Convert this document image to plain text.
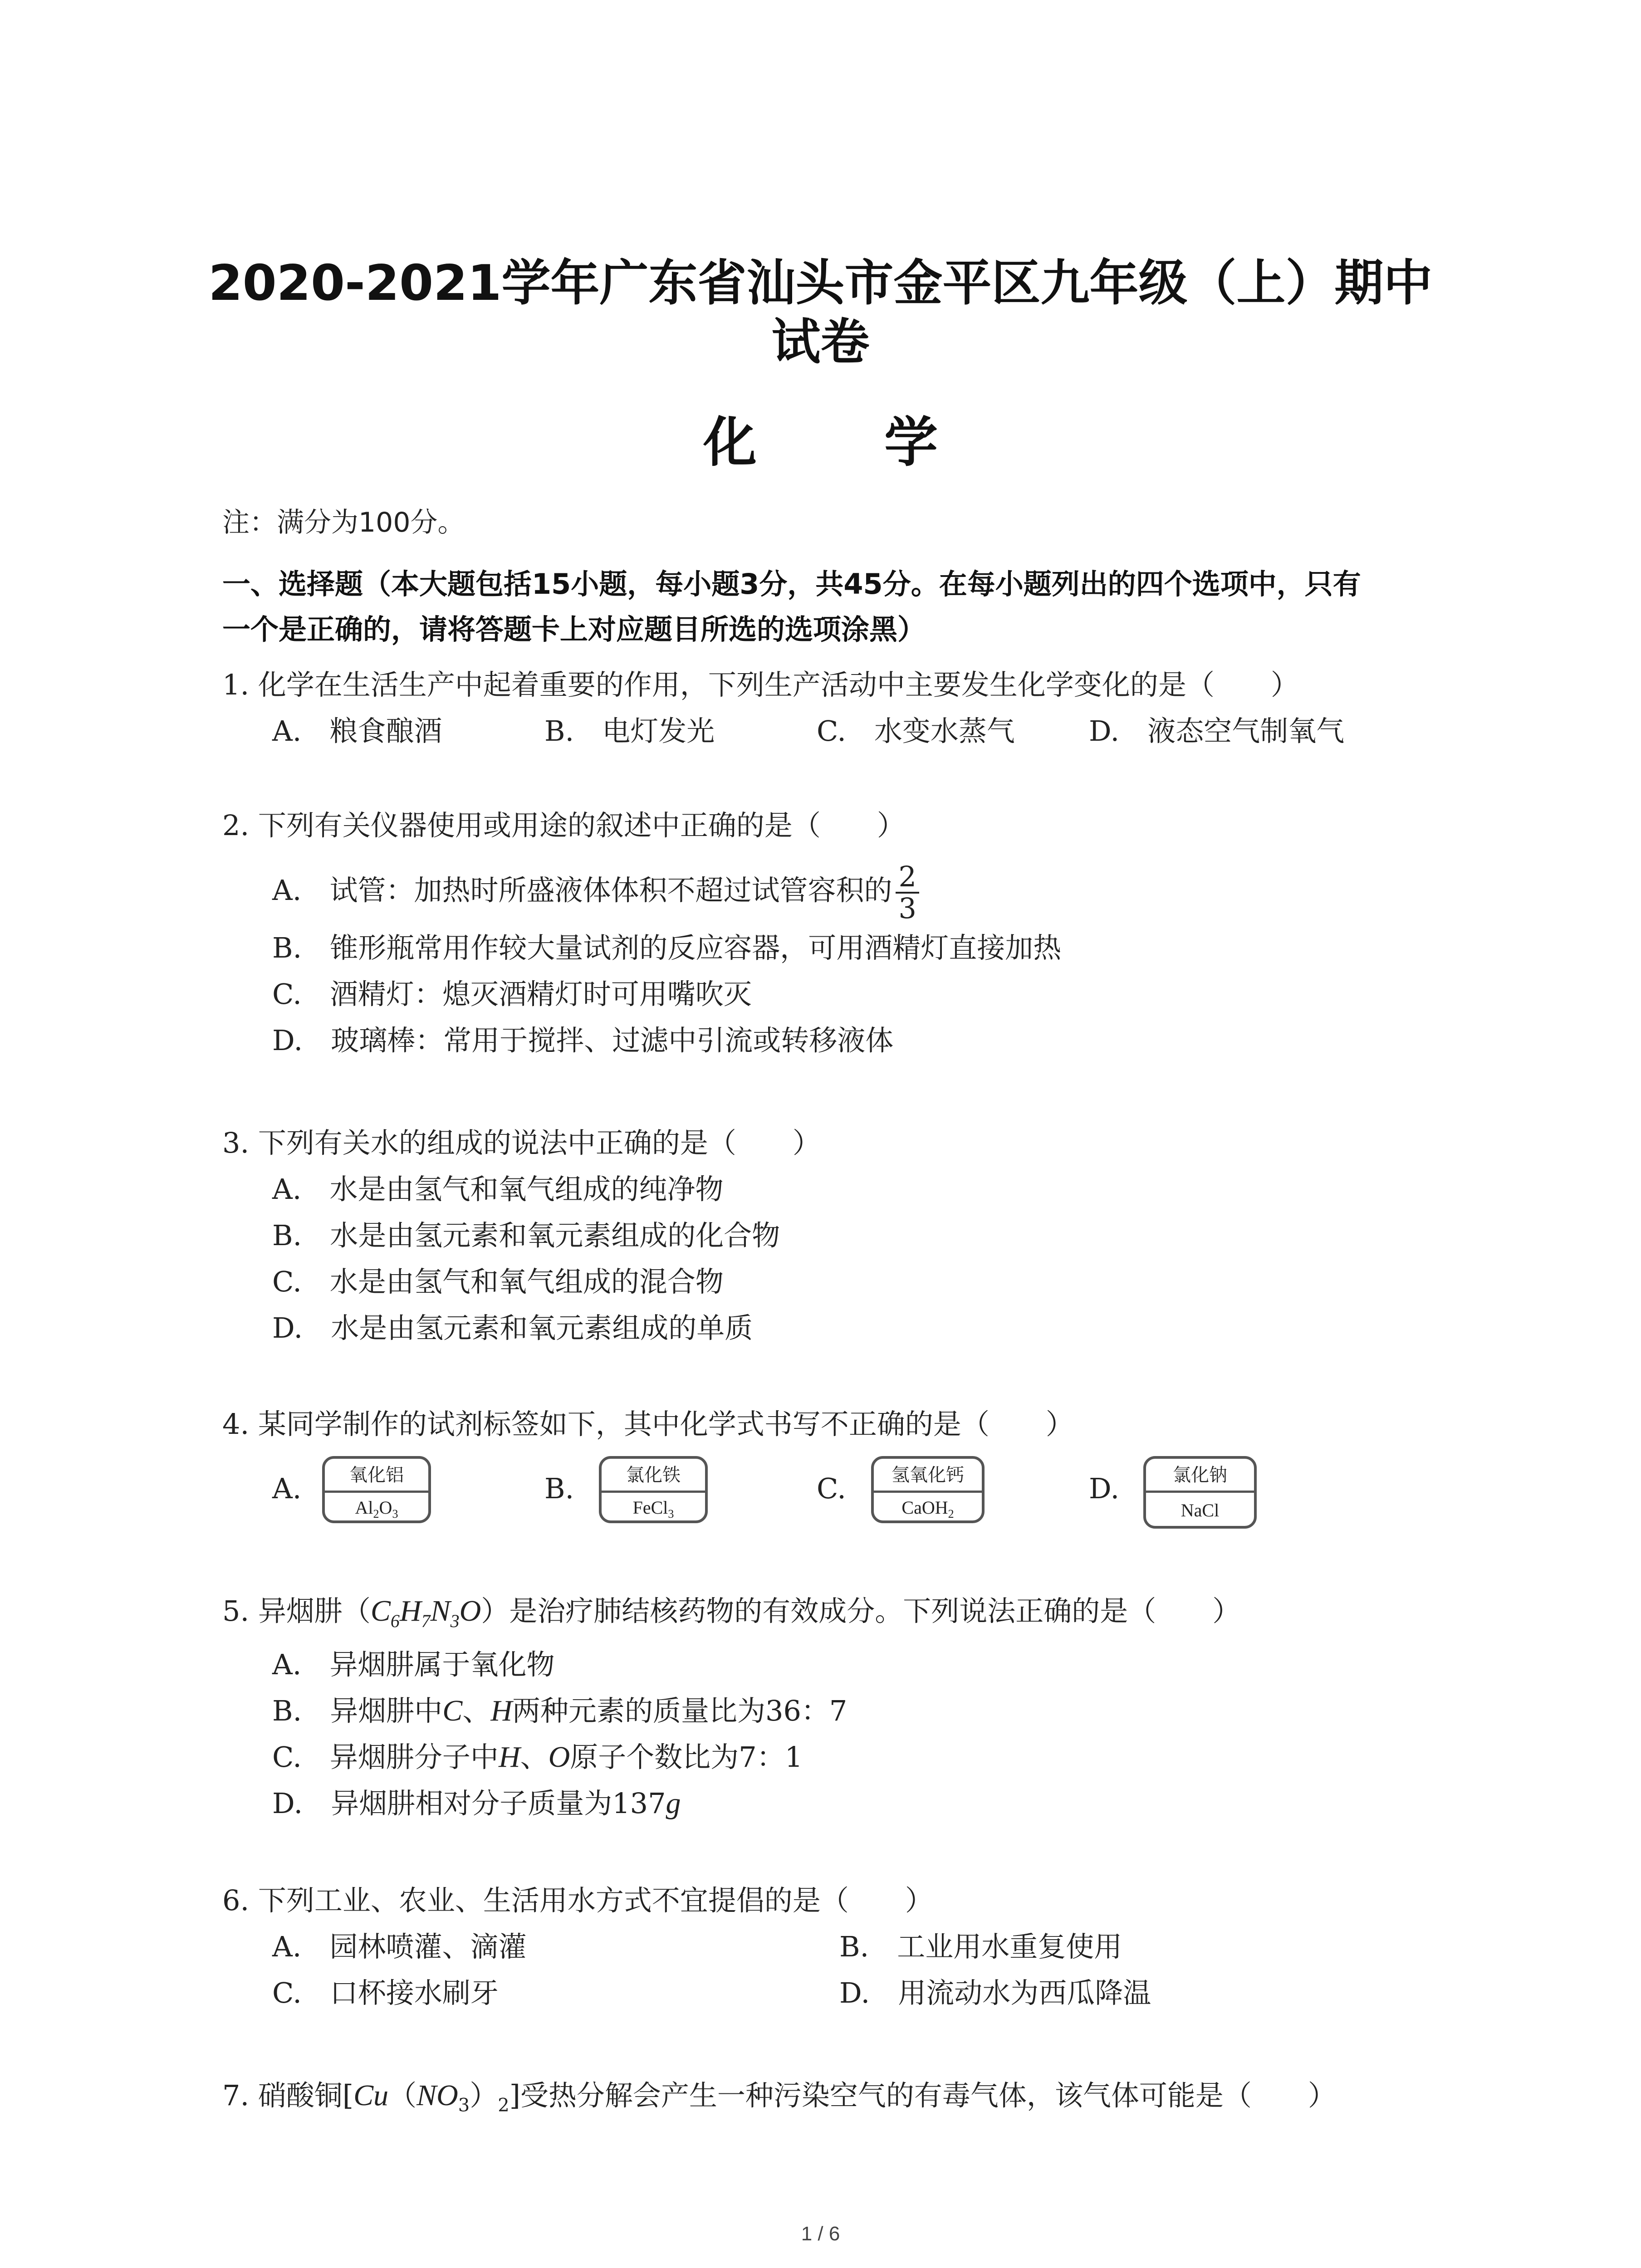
2020-2021学年广东省汕头市金平区九年级（上）期中
试卷
化 学
注：满分为100分。
一、选择题（本大题包括15小题，每小题3分，共45分。在每小题列出的四个选项中，只有
一个是正确的，请将答题卡上对应题目所选的选项涂黑）
1. 化学在生活生产中起着重要的作用，下列生产活动中主要发生化学变化的是（　　）
A.　粮食酿酒	B.　电灯发光	C.　水变水蒸气	D.　液态空气制氧气
2. 下列有关仪器使用或用途的叙述中正确的是（　　）
A.　试管：加热时所盛液体体积不超过试管容积的 $\frac{2}{3}$
B.　锥形瓶常用作较大量试剂的反应容器，可用酒精灯直接加热
C.　酒精灯：熄灭酒精灯时可用嘴吹灭
D.　玻璃棒：常用于搅拌、过滤中引流或转移液体
3. 下列有关水的组成的说法中正确的是（　　）
A.　水是由氢气和氧气组成的纯净物
B.　水是由氢元素和氧元素组成的化合物
C.　水是由氢气和氧气组成的混合物
D.　水是由氢元素和氧元素组成的单质
4. 某同学制作的试剂标签如下，其中化学式书写不正确的是（　　）
A.	氧化铝
$Al_2O_3$
B.	氯化铁
FeCl$_3$
C.	氢氧化钙
CaOH$_2$
D.	氯化钠
NaCl
5. 异烟肼$(C_6H_7N_3O)$是治疗肺结核药物的有效成分。下列说法正确的是（　　）
A.　异烟肼属于氧化物
B.　异烟肼中C、H两种元素的质量比为36：7
C.　异烟肼分子中H、O原子个数比为7：1
D.　异烟肼相对分子质量为137g
6. 下列工业、农业、生活用水方式不宜提倡的是（　　）
A.　园林喷灌、滴灌	B.　工业用水重复使用
C.　口杯接水刷牙	D.　用流动水为西瓜降温
7. 硝酸铜$[Cu(NO_3)_2]$受热分解会产生一种污染空气的有毒气体，该气体可能是（　　）
1 / 6
